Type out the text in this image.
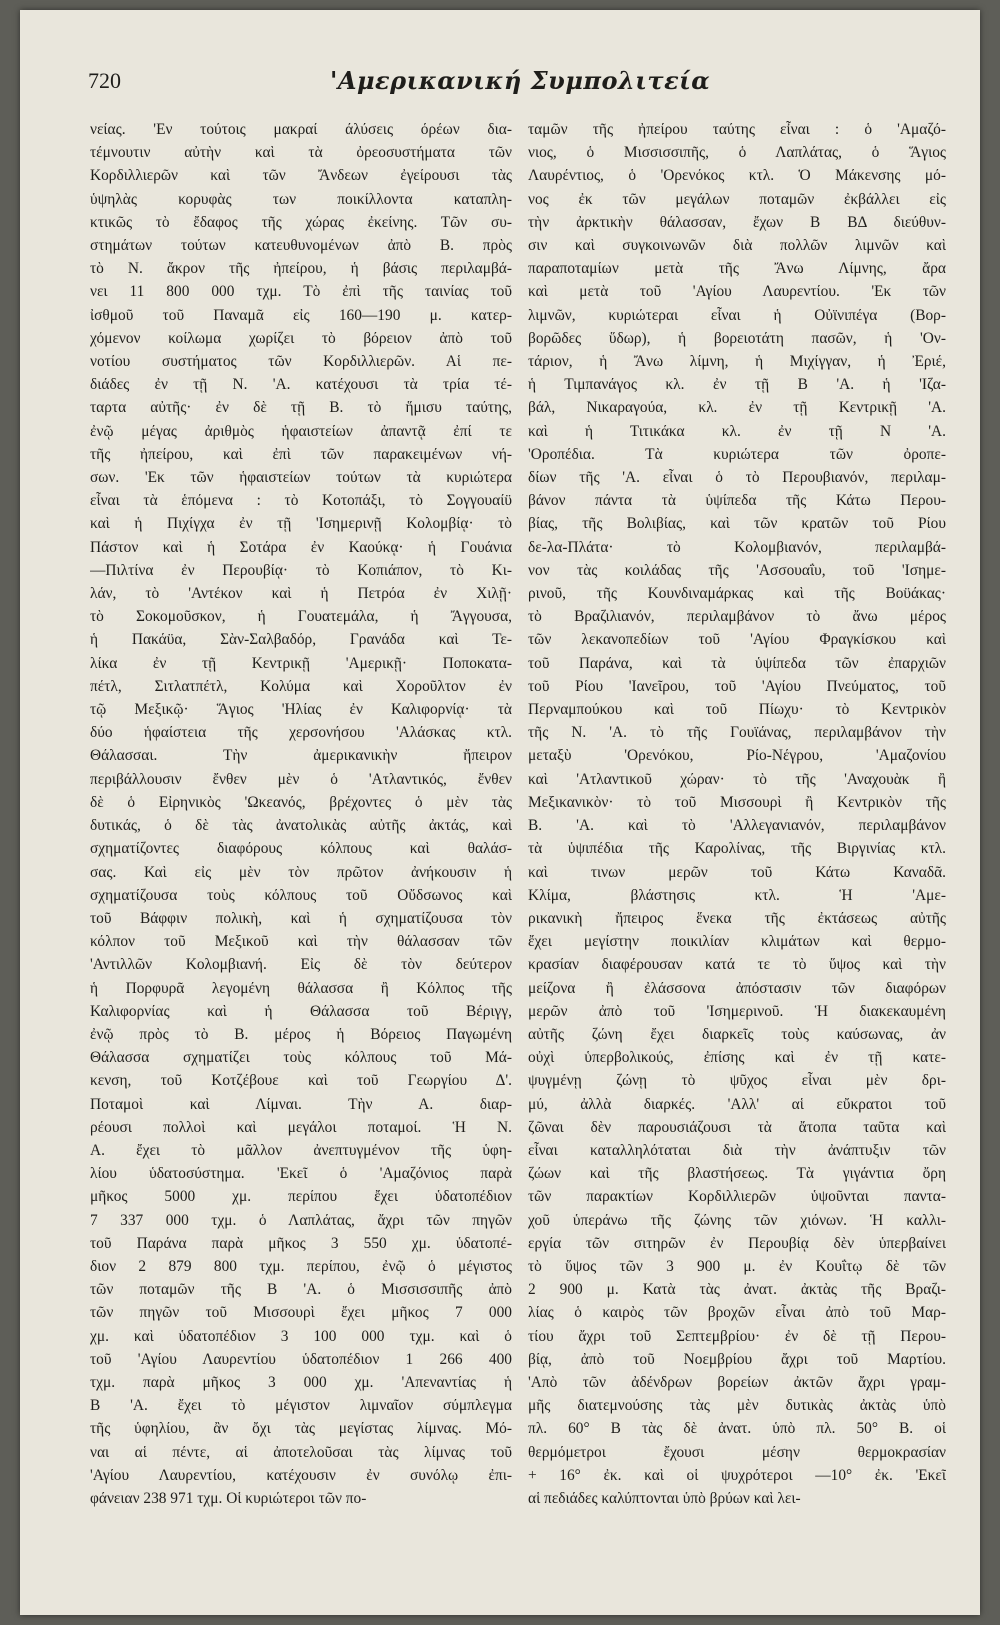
720	'Αμερικανική Συμπολιτεία
νείας. 'Εν τούτοις μακραί άλύσεις όρέων δια-
τέμνουτιν αὐτὴν καὶ τὰ ὀρεοσυστήματα τῶν
Κορδιλλιερῶν καὶ τῶν Ἄνδεων ἐγείρουσι τὰς
ὑψηλὰς κορυφὰς των ποικίλλοντα καταπλη-
κτικῶς τὸ ἔδαφος τῆς χώρας ἐκείνης. Τῶν συ-
στημάτων τούτων κατευθυνομένων ἀπὸ Β. πρὸς
τὸ Ν. ἄκρον τῆς ἠπείρου, ἡ βάσις περιλαμβά-
νει 11 800 000 τχμ. Τὸ ἐπὶ τῆς ταινίας τοῦ
ἰσθμοῦ τοῦ Παναμᾶ εἰς 160—190 μ. κατερ-
χόμενον κοίλωμα χωρίζει τὸ βόρειον ἀπὸ τοῦ
νοτίου συστήματος τῶν Κορδιλλιερῶν. Αἱ πε-
διάδες ἐν τῇ Ν. 'Α. κατέχουσι τὰ τρία τέ-
ταρτα αὐτῆς· ἐν δὲ τῇ Β. τὸ ἥμισυ ταύτης,
ἐνῷ μέγας ἀριθμὸς ἡφαιστείων ἀπαντᾷ ἐπί τε
τῆς ἠπείρου, καὶ ἐπὶ τῶν παρακειμένων νή-
σων. 'Εκ τῶν ἡφαιστείων τούτων τὰ κυριώτερα
εἶναι τὰ ἑπόμενα : τὸ Κοτοπάξι, τὸ Σογγουαίϋ
καὶ ἡ Πιχίγχα ἐν τῇ 'Ισημερινῇ Κολομβίᾳ· τὸ
Πάστον καὶ ἡ Σοτάρα ἐν Καούκᾳ· ἡ Γουάνια
—Πιλτίνα ἐν Περουβίᾳ· τὸ Κοπιάπον, τὸ Κι-
λάν, τὸ 'Αντέκον καὶ ἡ Πετρόα ἐν Χιλῇ·
τὸ Σοκομοῦσκον, ἡ Γουατεμάλα, ἡ Ἄγγουσα,
ἡ Πακάϋα, Σὰν-Σαλβαδόρ, Γρανάδα καὶ Τε-
λίκα ἐν τῇ Κεντρικῇ 'Αμερικῇ· Ποποκατα-
πέτλ, Σιτλατπέτλ, Κολύμα καὶ Χοροῦλτον ἐν
τῷ Μεξικῷ· Ἅγιος 'Ηλίας ἐν Καλιφορνίᾳ· τὰ
δύο ἡφαίστεια τῆς χερσονήσου 'Αλάσκας κτλ.
Θάλασσαι. Τὴν ἀμερικανικὴν ἤπειρον
περιβάλλουσιν ἔνθεν μὲν ὁ 'Ατλαντικός, ἔνθεν
δὲ ὁ Εἰρηνικὸς 'Ωκεανός, βρέχοντες ὁ μὲν τὰς
δυτικάς, ὁ δὲ τὰς ἀνατολικὰς αὐτῆς ἀκτάς, καὶ
σχηματίζοντες διαφόρους κόλπους καὶ θαλάσ-
σας. Καὶ εἰς μὲν τὸν πρῶτον ἀνήκουσιν ἡ
σχηματίζουσα τοὺς κόλπους τοῦ Οὔδσωνος καὶ
τοῦ Βάφφιν πολικὴ, καὶ ἡ σχηματίζουσα τὸν
κόλπον τοῦ Μεξικοῦ καὶ τὴν θάλασσαν τῶν
'Αντιλλῶν Κολομβιανή. Εἰς δὲ τὸν δεύτερον
ἡ Πορφυρᾶ λεγομένη θάλασσα ἢ Κόλπος τῆς
Καλιφορνίας καὶ ἡ Θάλασσα τοῦ Βέριγγ,
ἐνῷ πρὸς τὸ Β. μέρος ἡ Βόρειος Παγωμένη
Θάλασσα σχηματίζει τοὺς κόλπους τοῦ Μά-
κενση, τοῦ Κοτζέβουε καὶ τοῦ Γεωργίου Δ'.
Ποταμοὶ καὶ Λίμναι. Τὴν Α. διαρ-
ρέουσι πολλοὶ καὶ μεγάλοι ποταμοί. Ἡ Ν.
Α. ἔχει τὸ μᾶλλον ἀνεπτυγμένον τῆς ὑφη-
λίου ὑδατοσύστημα. 'Εκεῖ ὁ 'Αμαζόνιος παρὰ
μῆκος 5000 χμ. περίπου ἔχει ὑδατοπέδιον
7 337 000 τχμ. ὁ Λαπλάτας, ἄχρι τῶν πηγῶν
τοῦ Παράνα παρὰ μῆκος 3 550 χμ. ὑδατοπέ-
διον 2 879 800 τχμ. περίπου, ἐνῷ ὁ μέγιστος
τῶν ποταμῶν τῆς Β 'Α. ὁ Μισσισσιπῆς ἀπὸ
τῶν πηγῶν τοῦ Μισσουρὶ ἔχει μῆκος 7 000
χμ. καὶ ὑδατοπέδιον 3 100 000 τχμ. καὶ ὁ
τοῦ 'Αγίου Λαυρεντίου ὑδατοπέδιον 1 266 400
τχμ. παρὰ μῆκος 3 000 χμ. 'Απεναντίας ἡ
Β 'Α. ἔχει τὸ μέγιστον λιμναῖον σύμπλεγμα
τῆς ὑφηλίου, ἂν ὄχι τὰς μεγίστας λίμνας. Μό-
ναι αἱ πέντε, αἱ ἀποτελοῦσαι τὰς λίμνας τοῦ
'Αγίου Λαυρεντίου, κατέχουσιν ἐν συνόλῳ ἐπι-
φάνειαν 238 971 τχμ. Οἱ κυριώτεροι τῶν πο-
ταμῶν τῆς ἠπείρου ταύτης εἶναι : ὁ 'Αμαζό-
νιος, ὁ Μισσισσιπῆς, ὁ Λαπλάτας, ὁ Ἅγιος
Λαυρέντιος, ὁ 'Ορενόκος κτλ. Ὁ Μάκενσης μό-
νος ἐκ τῶν μεγάλων ποταμῶν ἐκβάλλει εἰς
τὴν ἀρκτικὴν θάλασσαν, ἔχων Β ΒΔ διεύθυν-
σιν καὶ συγκοινωνῶν διὰ πολλῶν λιμνῶν καὶ
παραποταμίων μετὰ τῆς Ἄνω Λίμνης, ἄρα
καὶ μετὰ τοῦ 'Αγίου Λαυρεντίου. 'Εκ τῶν
λιμνῶν, κυριώτεραι εἶναι ἡ Οὐϊνιπέγα (Βορ-
βορῶδες ὕδωρ), ἡ βορειοτάτη πασῶν, ἡ 'Ον-
τάριον, ἡ Ἄνω λίμνη, ἡ Μιχίγγαν, ἡ Ἐριέ,
ἡ Τιμπανάγος κλ. ἐν τῇ Β 'Α. ἡ 'Ιζα-
βάλ, Νικαραγούα, κλ. ἐν τῇ Κεντρικῇ 'Α.
καὶ ἡ Τιτικάκα κλ. ἐν τῇ Ν 'Α.
'Οροπέδια. Τὰ κυριώτερα τῶν ὀροπε-
δίων τῆς 'Α. εἶναι ὁ τὸ Περουβιανόν, περιλαμ-
βάνον πάντα τὰ ὑψίπεδα τῆς Κάτω Περου-
βίας, τῆς Βολιβίας, καὶ τῶν κρατῶν τοῦ Ρίου
δε-λα-Πλάτα· τὸ Κολομβιανόν, περιλαμβά-
νον τὰς κοιλάδας τῆς 'Ασσουαΐυ, τοῦ 'Ισημε-
ρινοῦ, τῆς Κουνδιναμάρκας καὶ τῆς Βοϋάκας·
τὸ Βραζιλιανόν, περιλαμβάνον τὸ ἄνω μέρος
τῶν λεκανοπεδίων τοῦ 'Αγίου Φραγκίσκου καὶ
τοῦ Παράνα, καὶ τὰ ὑψίπεδα τῶν ἐπαρχιῶν
τοῦ Ρίου 'Ιανεῖρου, τοῦ 'Αγίου Πνεύματος, τοῦ
Περναμπούκου καὶ τοῦ Πίωχυ· τὸ Κεντρικὸν
τῆς Ν. 'Α. τὸ τῆς Γουϊάνας, περιλαμβάνον τὴν
μεταξὺ 'Ορενόκου, Ρίο-Νέγρου, 'Αμαζονίου
καὶ 'Ατλαντικοῦ χώραν· τὸ τῆς 'Αναχουὰκ ἢ
Μεξικανικὸν· τὸ τοῦ Μισσουρὶ ἢ Κεντρικὸν τῆς
Β. 'Α. καὶ τὸ 'Αλλεγανιανόν, περιλαμβάνον
τὰ ὑψιπέδια τῆς Καρολίνας, τῆς Βιργινίας κτλ.
καὶ τινων μερῶν τοῦ Κάτω Καναδᾶ.
Κλίμα, βλάστησις κτλ. Ἡ 'Αμε-
ρικανικὴ ἤπειρος ἕνεκα τῆς ἐκτάσεως αὐτῆς
ἔχει μεγίστην ποικιλίαν κλιμάτων καὶ θερμο-
κρασίαν διαφέρουσαν κατά τε τὸ ὕψος καὶ τὴν
μείζονα ἢ ἐλάσσονα ἀπόστασιν τῶν διαφόρων
μερῶν ἀπὸ τοῦ 'Ισημερινοῦ. Ἡ διακεκαυμένη
αὐτῆς ζώνη ἔχει διαρκεῖς τοὺς καύσωνας, ἀν
οὐχὶ ὑπερβολικούς, ἐπίσης καὶ ἐν τῇ κατε-
ψυγμένῃ ζώνῃ τὸ ψῦχος εἶναι μὲν δρι-
μύ, ἀλλὰ διαρκές. 'Αλλ' αἱ εὔκρατοι τοῦ
ζῶναι δὲν παρουσιάζουσι τὰ ἄτοπα ταῦτα καὶ
εἶναι καταλληλόταται διὰ τὴν ἀνάπτυξιν τῶν
ζώων καὶ τῆς βλαστήσεως. Τὰ γιγάντια ὄρη
τῶν παρακτίων Κορδιλλιερῶν ὑψοῦνται παντα-
χοῦ ὑπεράνω τῆς ζώνης τῶν χιόνων. Ἡ καλλι-
εργία τῶν σιτηρῶν ἐν Περουβίᾳ δὲν ὑπερβαίνει
τὸ ὕψος τῶν 3 900 μ. ἐν Κουΐτῳ δὲ τῶν
2 900 μ. Κατὰ τὰς ἀνατ. ἀκτὰς τῆς Βραζι-
λίας ὁ καιρὸς τῶν βροχῶν εἶναι ἀπὸ τοῦ Μαρ-
τίου ἄχρι τοῦ Σεπτεμβρίου· ἐν δὲ τῇ Περου-
βίᾳ, ἀπὸ τοῦ Νοεμβρίου ἄχρι τοῦ Μαρτίου.
'Απὸ τῶν ἀδένδρων βορείων ἀκτῶν ἄχρι γραμ-
μῆς διατεμνούσης τὰς μὲν δυτικὰς ἀκτὰς ὑπὸ
πλ. 60° Β τὰς δὲ ἀνατ. ὑπὸ πλ. 50° Β. οἱ
θερμόμετροι ἔχουσι μέσην θερμοκρασίαν
+ 16° ἐκ. καὶ οἱ ψυχρότεροι —10° ἐκ. 'Εκεῖ
αἱ πεδιάδες καλύπτονται ὑπὸ βρύων καὶ λει-
